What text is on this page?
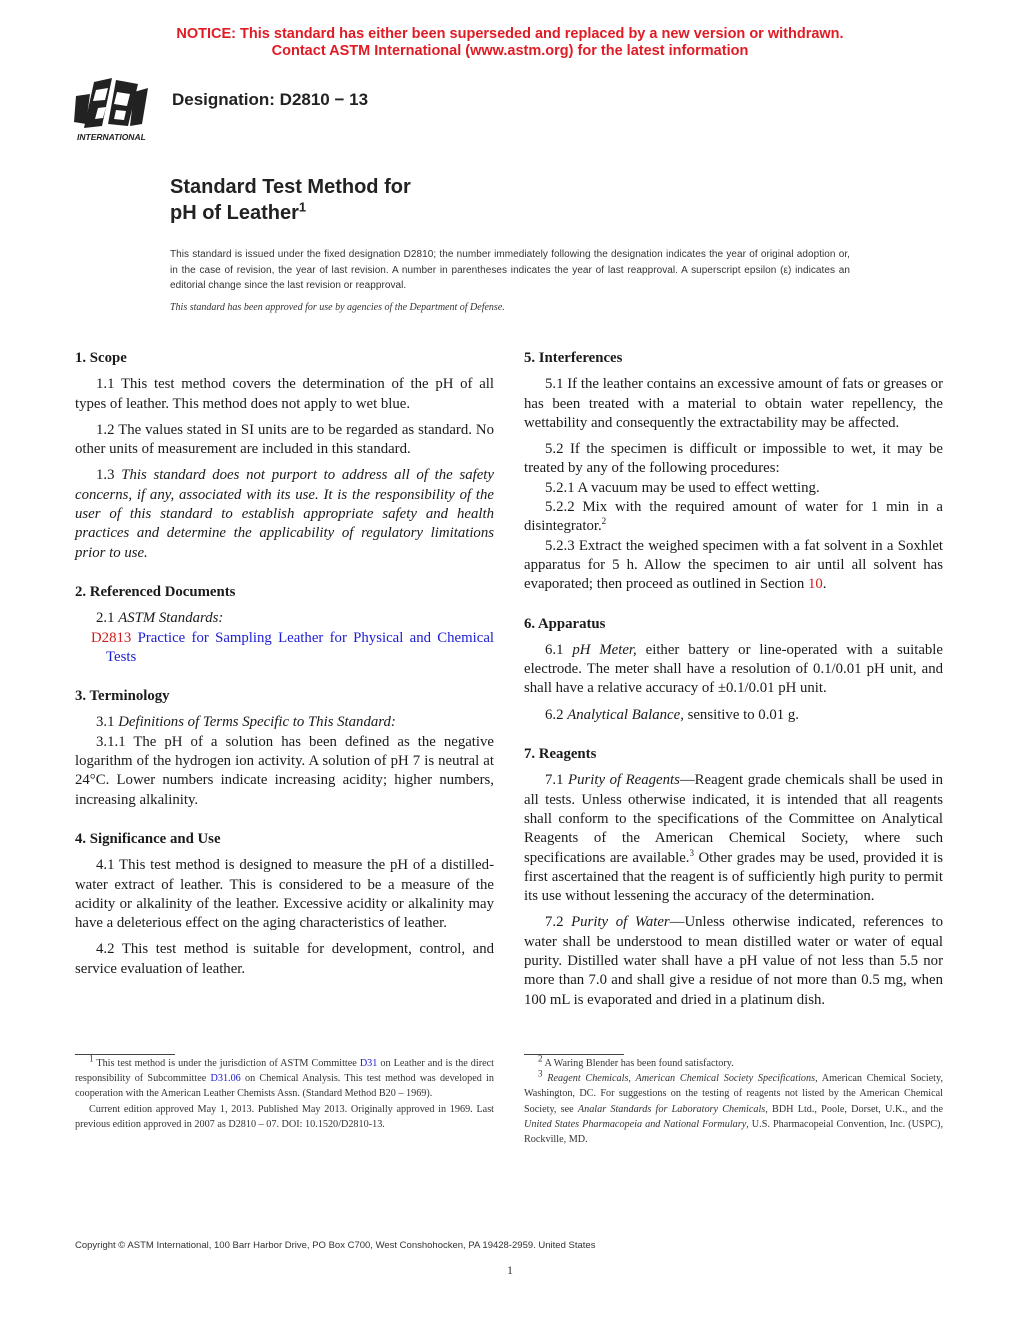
NOTICE: This standard has either been superseded and replaced by a new version or withdrawn.
Contact ASTM International (www.astm.org) for the latest information
INTERNATIONAL
Designation: D2810 − 13
Standard Test Method for
pH of Leather$^1$
This standard is issued under the fixed designation D2810; the number immediately following the designation indicates the year of original adoption or, in the case of revision, the year of last revision. A number in parentheses indicates the year of last reapproval. A superscript epsilon (ε) indicates an editorial change since the last revision or reapproval.
This standard has been approved for use by agencies of the Department of Defense.
1. Scope

1.1 This test method covers the determination of the pH of all types of leather. This method does not apply to wet blue.

1.2 The values stated in SI units are to be regarded as standard. No other units of measurement are included in this standard.

1.3 This standard does not purport to address all of the safety concerns, if any, associated with its use. It is the responsibility of the user of this standard to establish appropriate safety and health practices and determine the applicability of regulatory limitations prior to use.

2. Referenced Documents

2.1 ASTM Standards:

D2813 Practice for Sampling Leather for Physical and Chemical Tests

3. Terminology

3.1 Definitions of Terms Specific to This Standard:

3.1.1 The pH of a solution has been defined as the negative logarithm of the hydrogen ion activity. A solution of pH 7 is neutral at 24°C. Lower numbers indicate increasing acidity; higher numbers, increasing alkalinity.

4. Significance and Use

4.1 This test method is designed to measure the pH of a distilled-water extract of leather. This is considered to be a measure of the acidity or alkalinity of the leather. Excessive acidity or alkalinity may have a deleterious effect on the aging characteristics of leather.

4.2 This test method is suitable for development, control, and service evaluation of leather.

5. Interferences

5.1 If the leather contains an excessive amount of fats or greases or has been treated with a material to obtain water repellency, the wettability and consequently the extractability may be affected.

5.2 If the specimen is difficult or impossible to wet, it may be treated by any of the following procedures:

5.2.1 A vacuum may be used to effect wetting.

5.2.2 Mix with the required amount of water for 1 min in a disintegrator.$^2$

5.2.3 Extract the weighed specimen with a fat solvent in a Soxhlet apparatus for 5 h. Allow the specimen to air until all solvent has evaporated; then proceed as outlined in Section 10.

6. Apparatus

6.1 pH Meter, either battery or line-operated with a suitable electrode. The meter shall have a resolution of 0.1/0.01 pH unit, and shall have a relative accuracy of ±0.1/0.01 pH unit.

6.2 Analytical Balance, sensitive to 0.01 g.

7. Reagents

7.1 Purity of Reagents—Reagent grade chemicals shall be used in all tests. Unless otherwise indicated, it is intended that all reagents shall conform to the specifications of the Committee on Analytical Reagents of the American Chemical Society, where such specifications are available.$^3$ Other grades may be used, provided it is first ascertained that the reagent is of sufficiently high purity to permit its use without lessening the accuracy of the determination.

7.2 Purity of Water—Unless otherwise indicated, references to water shall be understood to mean distilled water or water of equal purity. Distilled water shall have a pH value of not less than 5.5 nor more than 7.0 and shall give a residue of not more than 0.5 mg, when 100 mL is evaporated and dried in a platinum dish.

$^1$ This test method is under the jurisdiction of ASTM Committee D31 on Leather and is the direct responsibility of Subcommittee D31.06 on Chemical Analysis. This test method was developed in cooperation with the American Leather Chemists Assn. (Standard Method B20 – 1969).

Current edition approved May 1, 2013. Published May 2013. Originally approved in 1969. Last previous edition approved in 2007 as D2810 – 07. DOI: 10.1520/D2810-13.

$^2$ A Waring Blender has been found satisfactory.

$^3$ Reagent Chemicals, American Chemical Society Specifications, American Chemical Society, Washington, DC. For suggestions on the testing of reagents not listed by the American Chemical Society, see Analar Standards for Laboratory Chemicals, BDH Ltd., Poole, Dorset, U.K., and the United States Pharmacopeia and National Formulary, U.S. Pharmacopeial Convention, Inc. (USPC), Rockville, MD.

Copyright © ASTM International, 100 Barr Harbor Drive, PO Box C700, West Conshohocken, PA 19428-2959. United States
1
